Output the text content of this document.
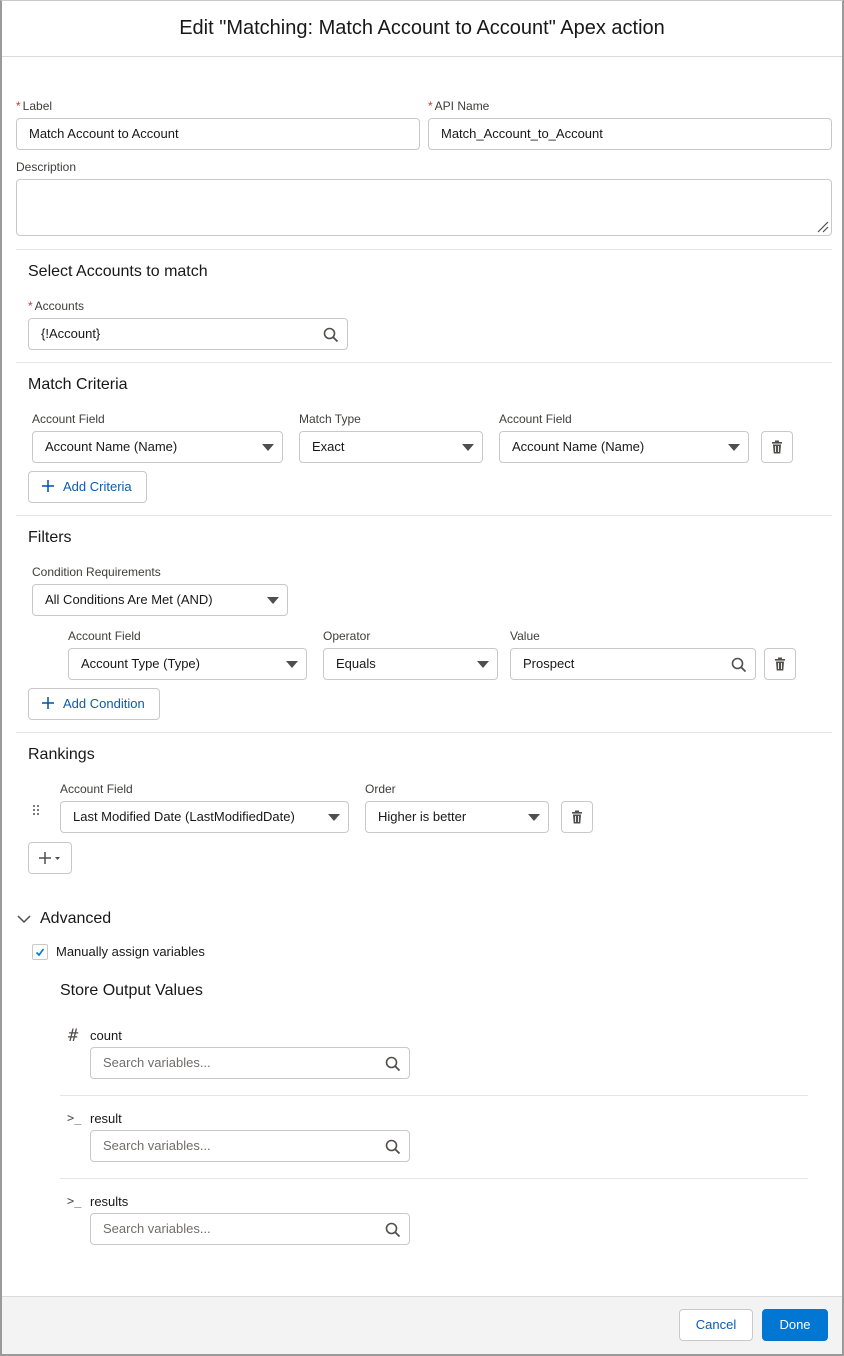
Edit "Matching: Match Account to Account" Apex action
* Label
Match Account to Account
* API Name
Match_Account_to_Account
Description
Select Accounts to match
* Accounts
{!Account}
Match Criteria
Account Field	Match Type	Account Field
Account Name (Name)	Exact	Account Name (Name)
Add Criteria
Filters
Condition Requirements
All Conditions Are Met (AND)
Account Field	Operator	Value
Account Type (Type)	Equals	Prospect
Add Condition
Rankings
Account Field	Order
Last Modified Date (LastModifiedDate)	Higher is better
Advanced
Manually assign variables
Store Output Values
# count
Search variables...
>_ result
Search variables...
>_ results
Search variables...
Cancel	Done
